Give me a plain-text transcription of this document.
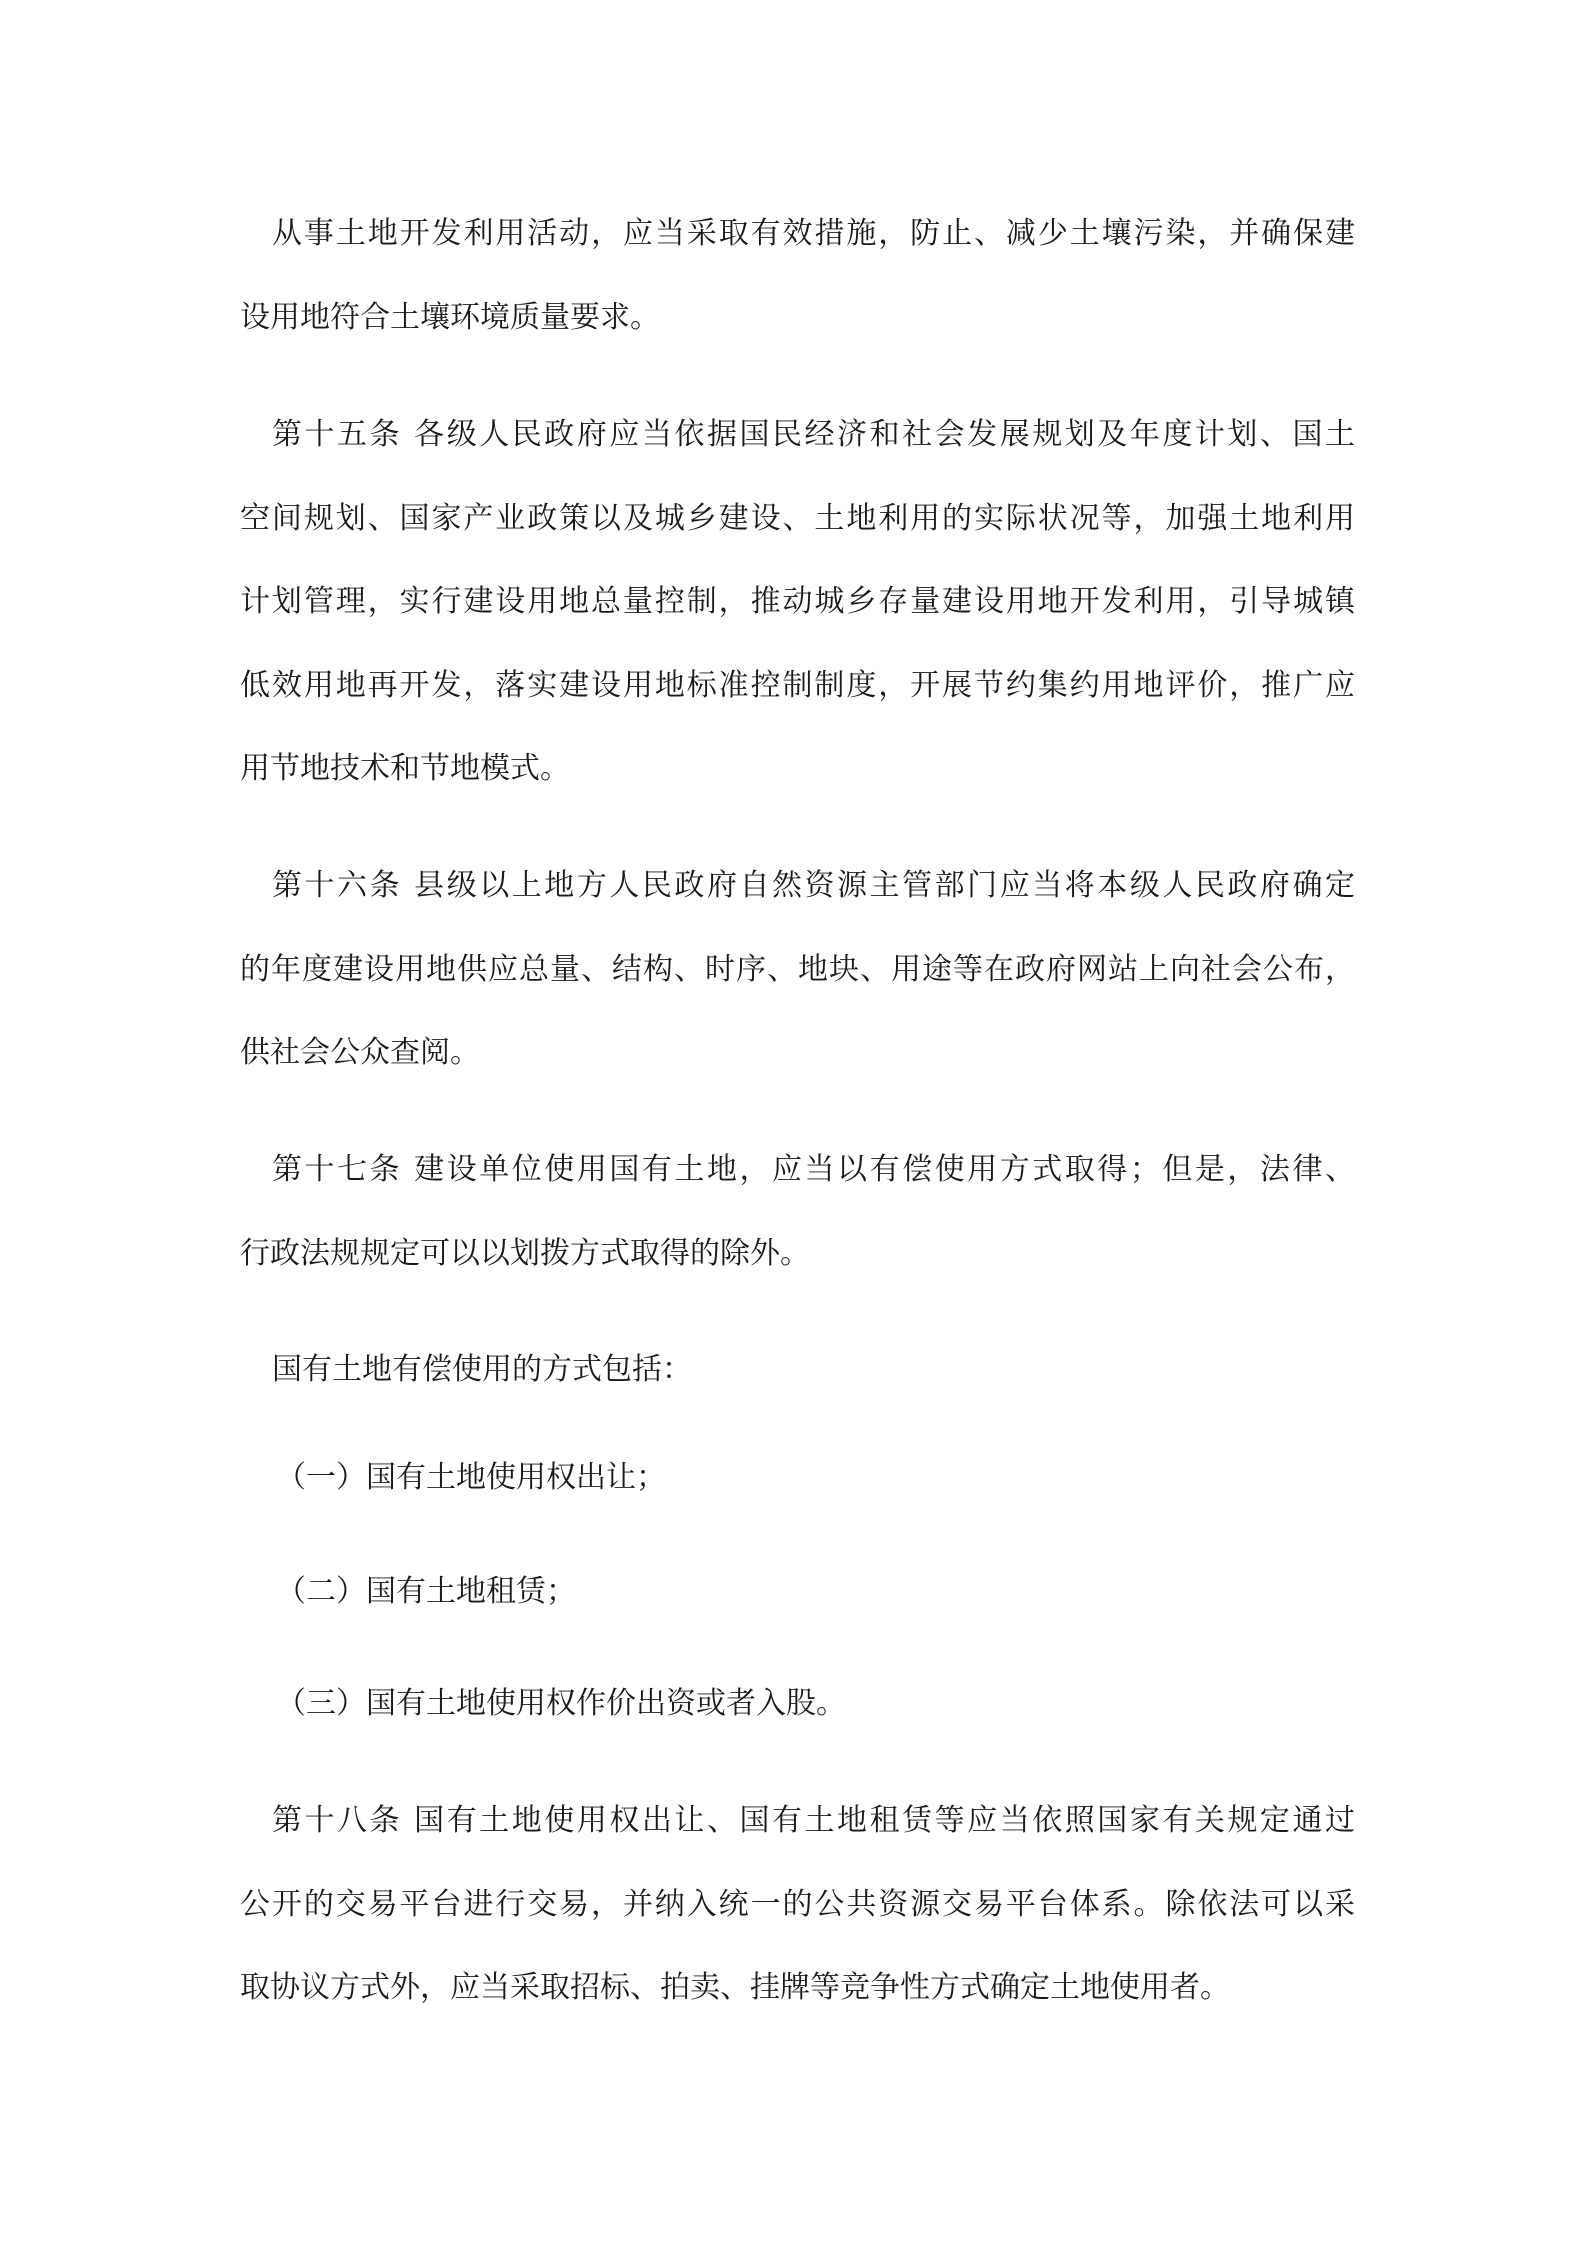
从事土地开发利用活动，应当采取有效措施，防止、减少土壤污染，并确保建

设用地符合土壤环境质量要求。

第十五条 各级人民政府应当依据国民经济和社会发展规划及年度计划、国土

空间规划、国家产业政策以及城乡建设、土地利用的实际状况等，加强土地利用

计划管理，实行建设用地总量控制，推动城乡存量建设用地开发利用，引导城镇

低效用地再开发，落实建设用地标准控制制度，开展节约集约用地评价，推广应

用节地技术和节地模式。

第十六条 县级以上地方人民政府自然资源主管部门应当将本级人民政府确定

的年度建设用地供应总量、结构、时序、地块、用途等在政府网站上向社会公布，

供社会公众查阅。

第十七条 建设单位使用国有土地，应当以有偿使用方式取得；但是，法律、

行政法规规定可以以划拨方式取得的除外。

国有土地有偿使用的方式包括：

（一）国有土地使用权出让；

（二）国有土地租赁；

（三）国有土地使用权作价出资或者入股。

第十八条 国有土地使用权出让、国有土地租赁等应当依照国家有关规定通过

公开的交易平台进行交易，并纳入统一的公共资源交易平台体系。除依法可以采

取协议方式外，应当采取招标、拍卖、挂牌等竞争性方式确定土地使用者。
